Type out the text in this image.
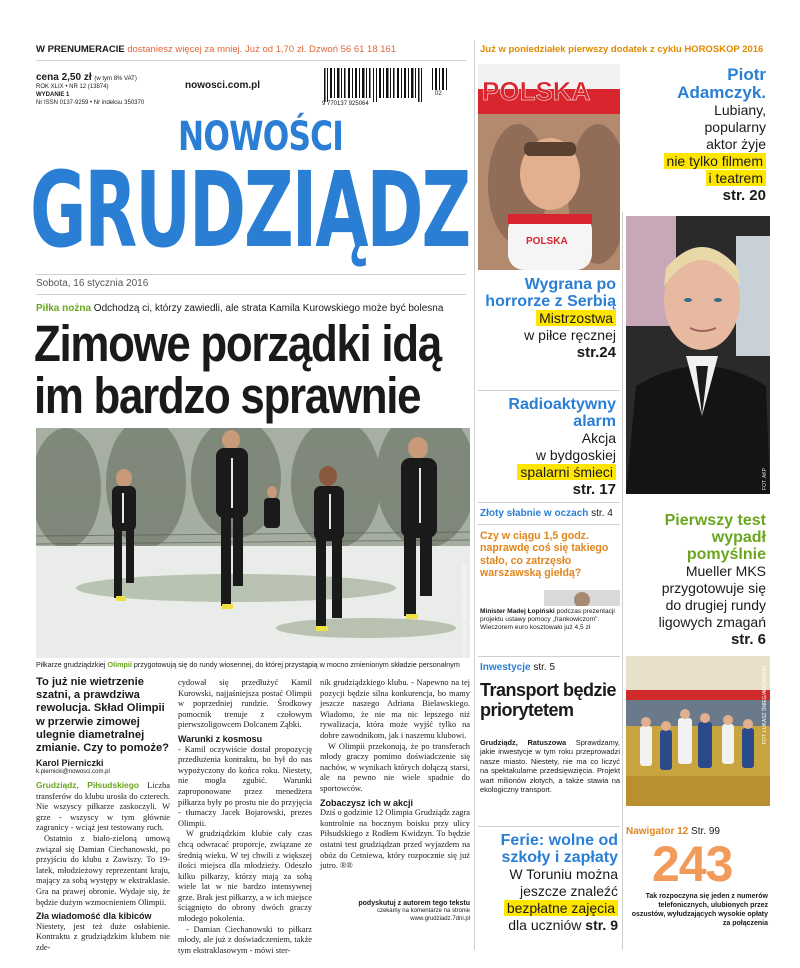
W PRENUMERACIE dostaniesz więcej za mniej. Już od 1,70 zł. Dzwoń 56 61 18 161	Już w poniedziałek pierwszy dodatek z cyklu HOROSKOP 2016
cena 2,50 zł (w tym 8% VAT)
ROK XLIX • NR 12 (13874)
WYDANIE 1
Nr ISSN 0137-9259 • Nr indeksu 350370
nowosci.com.pl
9 770137 925064
02
NOWOŚCI
GRUDZIĄDZ
Sobota, 16 stycznia 2016
Piłka nożna Odchodzą ci, którzy zawiedli, ale strata Kamila Kurowskiego może być bolesna
Zimowe porządki idą
im bardzo sprawnie
FOT. ŁUKASZ TENOWSKI/ARCHIWUM
Piłkarze grudziądzkiej Olimpii przygotowują się do rundy wiosennej, do której przystąpią w mocno zmienionym składzie personalnym
To już nie wietrzenie szatni, a prawdziwa rewolucja. Skład Olimpii w przerwie zimowej ulegnie diametralnej zmianie. Czy to pomoże?
Karol Pierniczki
k.piernicki@nowosci.com.pl
Grudziądz, Piłsudskiego Liczba transferów do klubu urosła do czterech. Nie wszyscy piłkarze zaskoczyli. W grze - wszyscy w tym głównie zagranicy - wciąż jest testowany ruch.
Ostatnio z biało-zieloną umową związał się Damian Ciechanowski, po przyjściu do klubu z Zawiszy. To 19-latek, młodzieżowy reprezentant kraju, mający za sobą występy w ekstraklasie. Gra na prawej obronie. Wydaje się, że będzie dużym wzmocnieniem Olimpii.
Zła wiadomość dla kibiców
Niestety, jest też duże osłabienie. Kontraktu z grudziądzkim klubem nie zde-
cydował się przedłużyć Kamil Kurowski, najjaśniejsza postać Olimpii w poprzedniej rundzie. Środkowy pomocnik trenuje z czołowym pierwszoligowcem Dolcanem Ząbki.
Warunki z kosmosu
- Kamil oczywiście dostał propozycję przedłużenia kontraktu, bo był do nas wypożyczony do końca roku. Niestety, nie mogła zgubić. Warunki zaproponowane przez menedżera piłkarza były po prostu nie do przyjęcia - tłumaczy Jacek Bojarowski, prezes Olimpii.
W grudziądzkim klubie cały czas chcą odwracać proporcje, związane ze średnią wieku. W tej chwili z większej ilości miejsca dla młodzieży. Odeszło kilku piłkarzy, którzy mają za sobą wiele lat w nie bardzo intensywnej grze. Brak jest piłkarzy, a w ich miejsce ściągnięto do obrony dwóch graczy młodego pokolenia.
- Damian Ciechanowski to piłkarz młody, ale już z doświadczeniem, także tym ekstraklasowym - mówi ster-
nik grudziądzkiego klubu. - Napewno na tej pozycji będzie silna konkurencja, bo mamy jeszcze naszego Adriana Bielawskiego. Wiadomo, że nie ma nic lepszego niż rywalizacja, która może wyjść tylko na dobre zawodnikom, jak i naszemu klubowi.
W Olimpii przekonują, że po transferach młody graczy pomimo doświadczenie się nachów, w wynikach których dołączą starsi, ale na pewno nie wiele spadnie do sportowców.
Zobaczysz ich w akcji
Dziś o godzinie 12 Olimpia Grudziądz zagra kontrolnie na bocznym boisku przy ulicy Piłsudskiego z Rodłem Kwidzyn. To będzie ostatni test grudziądzan przed wyjazdem na obóz do Cetniewa, który rozpocznie się już jutro. ®®
podyskutuj z autorem tego tekstu
czekamy na komentarze na stronie
www.grudziadz.7dni.pl
POLSKA
POLSKA
Wygrana po horrorze z Serbią
Mistrzostwa
w piłce ręcznej
str.24
Radioaktywny alarm
Akcja
w bydgoskiej
spalarni śmieci
str. 17
Złoty słabnie w oczach str. 4
Czy w ciągu 1,5 godz. naprawdę coś się takiego stało, co zatrzęsło warszawską giełdą?
Minister Madej Łopiński podczas prezentacji projektu ustawy pomocy „frankowiczom". Wieczorem euro kosztowało już 4,5 zł
Inwestycje str. 5
Transport będzie priorytetem
Grudziądz, Ratuszowa Sprawdzamy, jakie inwestycje w tym roku przeprowadzi nasze miasto. Niestety, nie ma co liczyć na spektakularne przedsięwzięcia. Projekt wart milionów złotych, a także stawia na ekologiczny transport.
Ferie: wolne od szkoły i zapłaty
W Toruniu można
jeszcze znaleźć
bezpłatne zajęcia
dla uczniów str. 9
Piotr Adamczyk.
Lubiany,
popularny
aktor żyje
nie tylko filmem
i teatrem
str. 20
FOT. AKP
Pierwszy test wypadł pomyślnie
Mueller MKS
przygotowuje się
do drugiej rundy
ligowych zmagań
str. 6
FOT. ŁUKASZ ŚNIEG/ARCHIWUM
Nawigator 12 Str. 99
243
Tak rozpoczyna się jeden z numerów telefonicznych, ulubionych przez oszustów, wyłudzających wysokie opłaty za połączenia
